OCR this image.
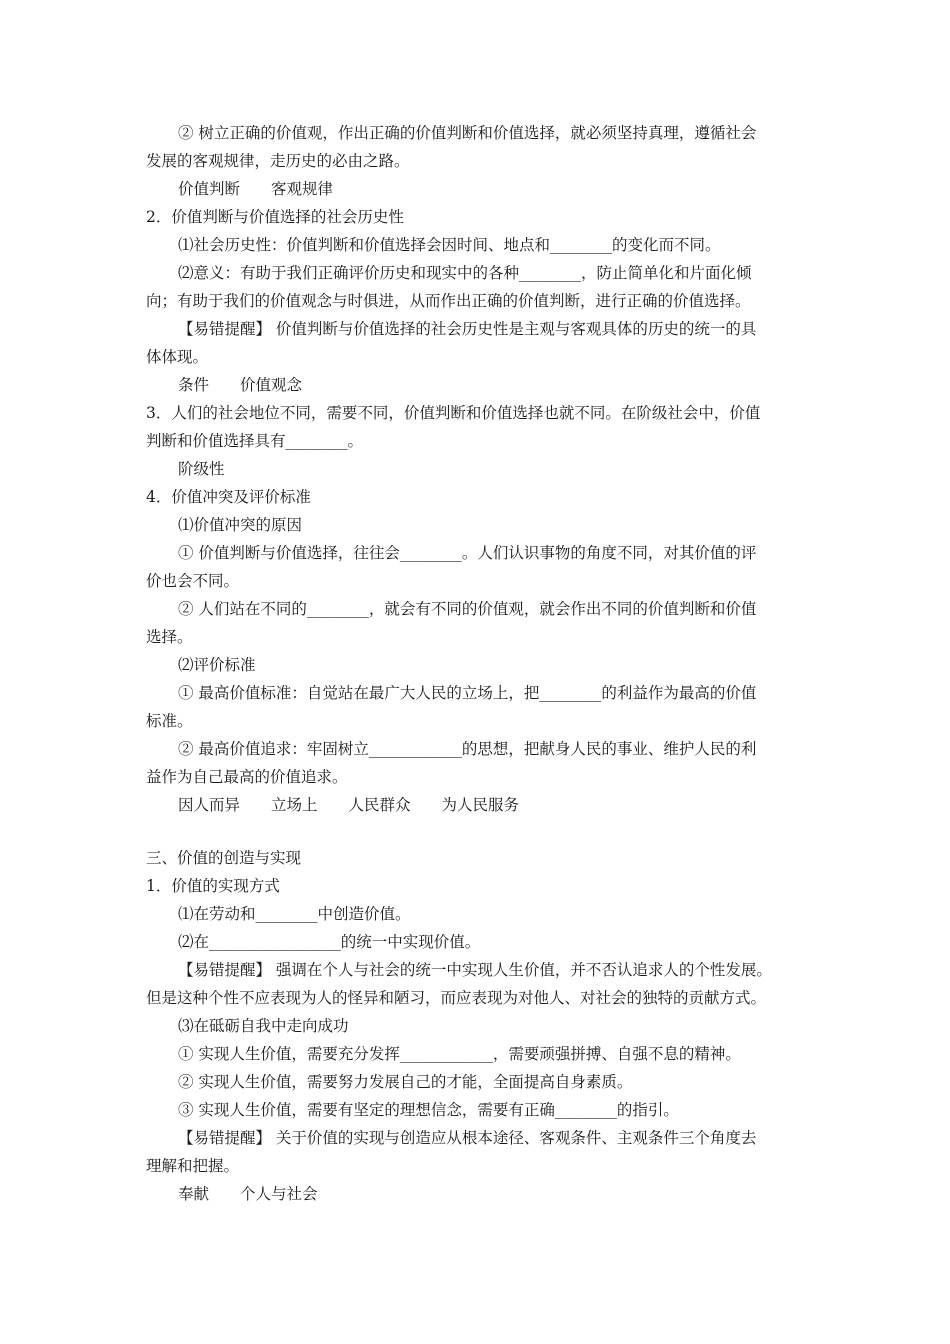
② 树立正确的价值观，作出正确的价值判断和价值选择，就必须坚持真理，遵循社会
发展的客观规律，走历史的必由之路。
价值判断　　客观规律
2．价值判断与价值选择的社会历史性
⑴社会历史性：价值判断和价值选择会因时间、地点和________的变化而不同。
⑵意义：有助于我们正确评价历史和现实中的各种________，防止简单化和片面化倾
向；有助于我们的价值观念与时俱进，从而作出正确的价值判断，进行正确的价值选择。
【易错提醒】 价值判断与价值选择的社会历史性是主观与客观具体的历史的统一的具
体体现。
条件　　价值观念
3．人们的社会地位不同，需要不同，价值判断和价值选择也就不同。在阶级社会中，价值
判断和价值选择具有________。
阶级性
4．价值冲突及评价标准
⑴价值冲突的原因
① 价值判断与价值选择，往往会________。人们认识事物的角度不同，对其价值的评
价也会不同。
② 人们站在不同的________，就会有不同的价值观，就会作出不同的价值判断和价值
选择。
⑵评价标准
① 最高价值标准：自觉站在最广大人民的立场上，把________的利益作为最高的价值
标准。
② 最高价值追求：牢固树立____________的思想，把献身人民的事业、维护人民的利
益作为自己最高的价值追求。
因人而异　　立场上　　人民群众　　为人民服务
三、价值的创造与实现
1．价值的实现方式
⑴在劳动和________中创造价值。
⑵在_________________的统一中实现价值。
【易错提醒】 强调在个人与社会的统一中实现人生价值，并不否认追求人的个性发展。
但是这种个性不应表现为人的怪异和陋习，而应表现为对他人、对社会的独特的贡献方式。
⑶在砥砺自我中走向成功
① 实现人生价值，需要充分发挥____________，需要顽强拼搏、自强不息的精神。
② 实现人生价值，需要努力发展自己的才能，全面提高自身素质。
③ 实现人生价值，需要有坚定的理想信念，需要有正确________的指引。
【易错提醒】 关于价值的实现与创造应从根本途径、客观条件、主观条件三个角度去
理解和把握。
奉献　　个人与社会
